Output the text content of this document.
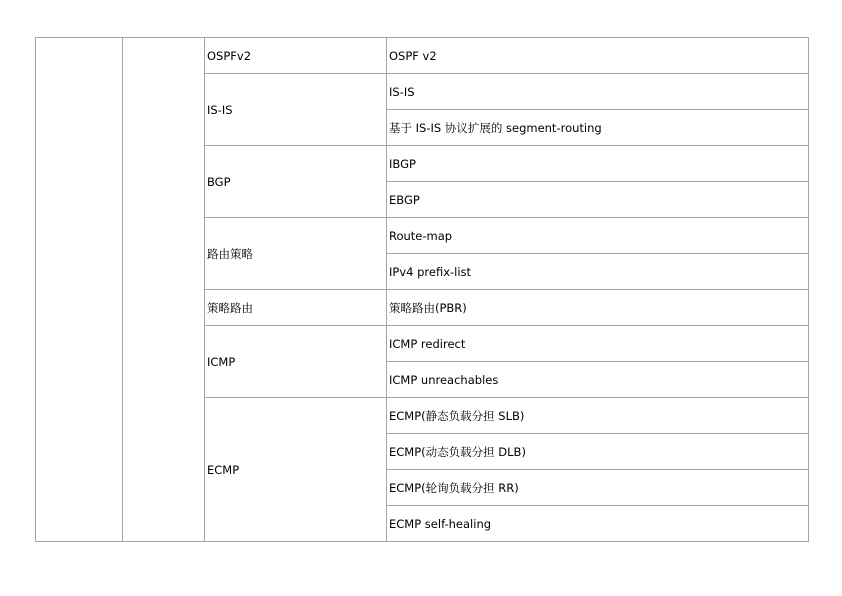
		OSPFv2	OSPF v2
		IS-IS	IS-IS
			基于 IS-IS 协议扩展的 segment-routing
		BGP	IBGP
			EBGP
		路由策略	Route-map
			IPv4 prefix-list
		策略路由	策略路由(PBR)
		ICMP	ICMP redirect
			ICMP unreachables
		ECMP	ECMP(静态负载分担 SLB)
			ECMP(动态负载分担 DLB)
			ECMP(轮询负载分担 RR)
			ECMP self-healing
